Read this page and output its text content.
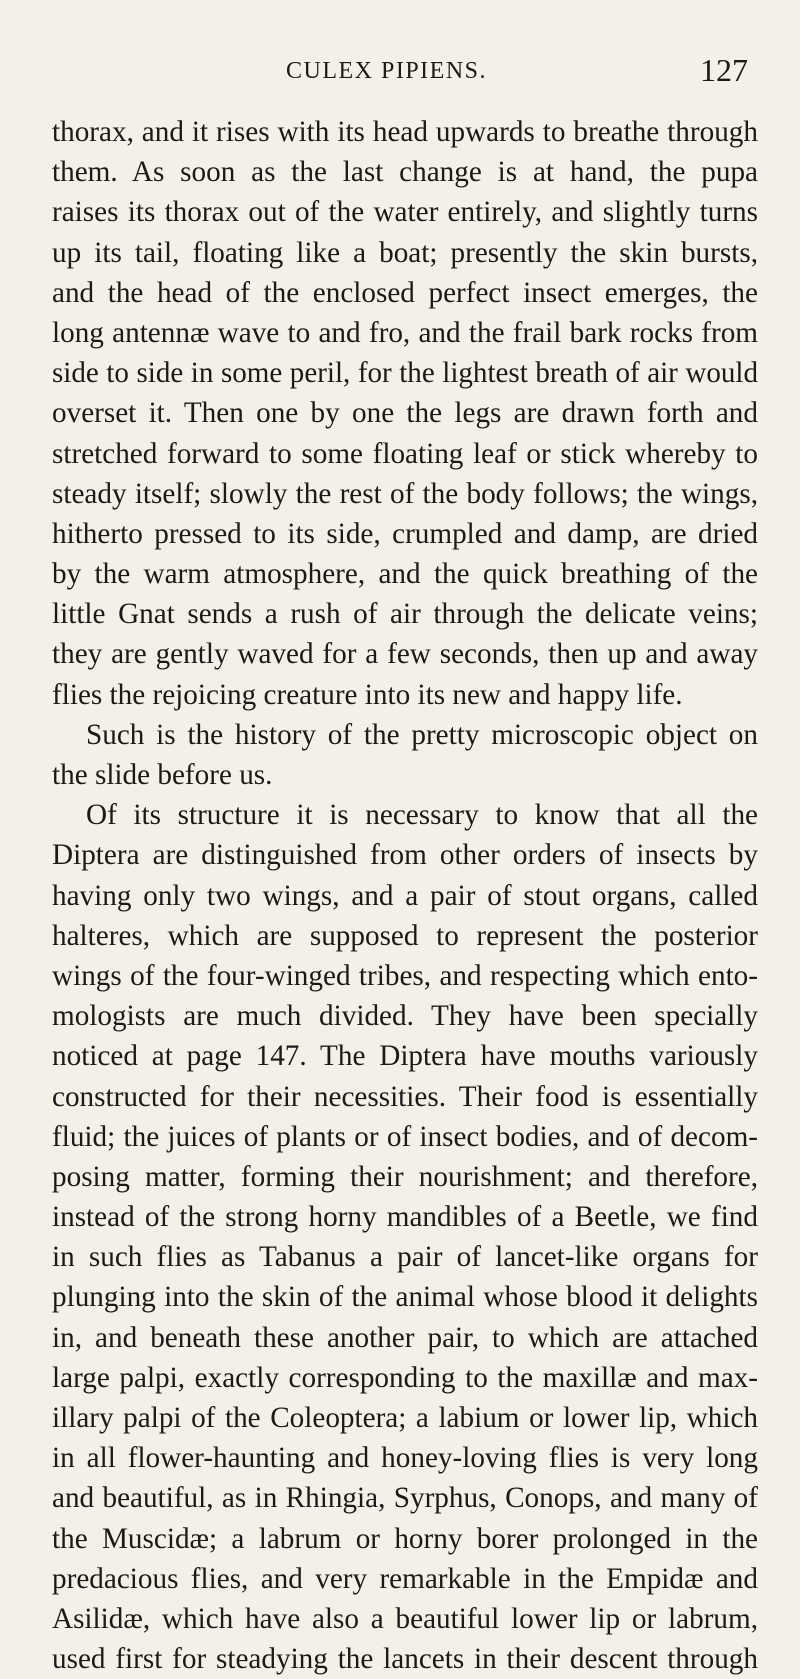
CULEX PIPIENS.	127
thorax, and it rises with its head upwards to breathe through
them. As soon as the last change is at hand, the pupa
raises its thorax out of the water entirely, and slightly turns
up its tail, floating like a boat; presently the skin bursts,
and the head of the enclosed perfect insect emerges, the
long antennæ wave to and fro, and the frail bark rocks from
side to side in some peril, for the lightest breath of air would
overset it. Then one by one the legs are drawn forth and
stretched forward to some floating leaf or stick whereby to
steady itself; slowly the rest of the body follows; the wings,
hitherto pressed to its side, crumpled and damp, are dried
by the warm atmosphere, and the quick breathing of the
little Gnat sends a rush of air through the delicate veins;
they are gently waved for a few seconds, then up and away
flies the rejoicing creature into its new and happy life.
Such is the history of the pretty microscopic object on
the slide before us.
Of its structure it is necessary to know that all the
Diptera are distinguished from other orders of insects by
having only two wings, and a pair of stout organs, called
halteres, which are supposed to represent the posterior
wings of the four-winged tribes, and respecting which ento-
mologists are much divided. They have been specially
noticed at page 147. The Diptera have mouths variously
constructed for their necessities. Their food is essentially
fluid; the juices of plants or of insect bodies, and of decom-
posing matter, forming their nourishment; and therefore,
instead of the strong horny mandibles of a Beetle, we find
in such flies as Tabanus a pair of lancet-like organs for
plunging into the skin of the animal whose blood it delights
in, and beneath these another pair, to which are attached
large palpi, exactly corresponding to the maxillæ and max-
illary palpi of the Coleoptera; a labium or lower lip, which
in all flower-haunting and honey-loving flies is very long
and beautiful, as in Rhingia, Syrphus, Conops, and many of
the Muscidæ; a labrum or horny borer prolonged in the
predacious flies, and very remarkable in the Empidæ and
Asilidæ, which have also a beautiful lower lip or labrum,
used first for steadying the lancets in their descent through
